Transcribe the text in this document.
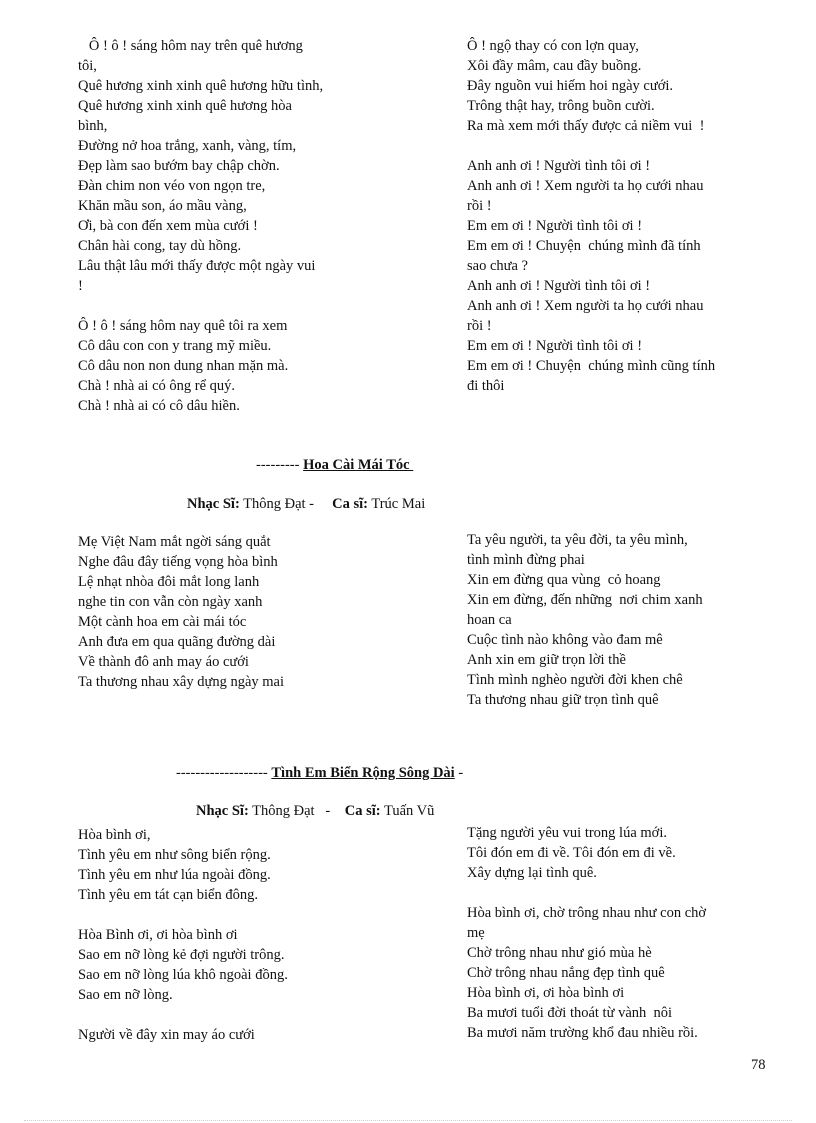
Ô ! ô ! sáng hôm nay trên quê hương
tôi,
Quê hương xinh xinh quê hương hữu tình,
Quê hương xinh xinh quê hương hòa
bình,
Đường nở hoa trắng, xanh, vàng, tím,
Đẹp làm sao bướm bay chập chờn.
Đàn chim non véo von ngọn tre,
Khăn mầu son, áo mầu vàng,
Ơi, bà con đến xem mùa cưới !
Chân hài cong, tay dù hồng.
Lâu thật lâu mới thấy được một ngày vui
!

Ô ! ô ! sáng hôm nay quê tôi ra xem
Cô dâu con con y trang mỹ miều.
Cô dâu non non dung nhan mặn mà.
Chà ! nhà ai có ông rể quý.
Chà ! nhà ai có cô dâu hiền.
Ô ! ngộ thay có con lợn quay,
Xôi đầy mâm, cau đầy buồng.
Đây nguồn vui hiếm hoi ngày cưới.
Trông thật hay, trông buồn cười.
Ra mà xem mới thấy được cả niềm vui  !

Anh anh ơi ! Người tình tôi ơi !
Anh anh ơi ! Xem người ta họ cưới nhau
rồi !
Em em ơi ! Người tình tôi ơi !
Em em ơi ! Chuyện  chúng mình đã tính
sao chưa ?
Anh anh ơi ! Người tình tôi ơi !
Anh anh ơi ! Xem người ta họ cưới nhau
rồi !
Em em ơi ! Người tình tôi ơi !
Em em ơi ! Chuyện  chúng mình cũng tính
đi thôi
--------- Hoa Cài Mái Tóc
Nhạc Sĩ: Thông Đạt -     Ca sĩ: Trúc Mai
Mẹ Việt Nam mắt ngời sáng quắt
Nghe đâu đây tiếng vọng hòa bình
Lệ nhạt nhòa đôi mắt long lanh
nghe tin con vẫn còn ngày xanh
Một cành hoa em cài mái tóc
Anh đưa em qua quãng đường dài
Về thành đô anh may áo cưới
Ta thương nhau xây dựng ngày mai
Ta yêu người, ta yêu đời, ta yêu mình,
tình mình đừng phai
Xin em đừng qua vùng  cỏ hoang
Xin em đừng, đến những  nơi chim xanh
hoan ca
Cuộc tình nào không vào đam mê
Anh xin em giữ trọn lời thề
Tình mình nghèo người đời khen chê
Ta thương nhau giữ trọn tình quê
------------------- Tình Em Biển Rộng Sông Dài -
Nhạc Sĩ: Thông Đạt   -    Ca sĩ: Tuấn Vũ
Hòa bình ơi,
Tình yêu em như sông biển rộng.
Tình yêu em như lúa ngoài đồng.
Tình yêu em tát cạn biển đông.

Hòa Bình ơi, ơi hòa bình ơi
Sao em nỡ lòng kẻ đợi người trông.
Sao em nỡ lòng lúa khô ngoài đồng.
Sao em nỡ lòng.

Người về đây xin may áo cưới
Tặng người yêu vui trong lúa mới.
Tôi đón em đi về. Tôi đón em đi về.
Xây dựng lại tình quê.

Hòa bình ơi, chờ trông nhau như con chờ
mẹ
Chờ trông nhau như gió mùa hè
Chờ trông nhau nắng đẹp tình quê
Hòa bình ơi, ơi hòa bình ơi
Ba mươi tuổi đời thoát từ vành  nôi
Ba mươi năm trường khổ đau nhiều rồi.
78
